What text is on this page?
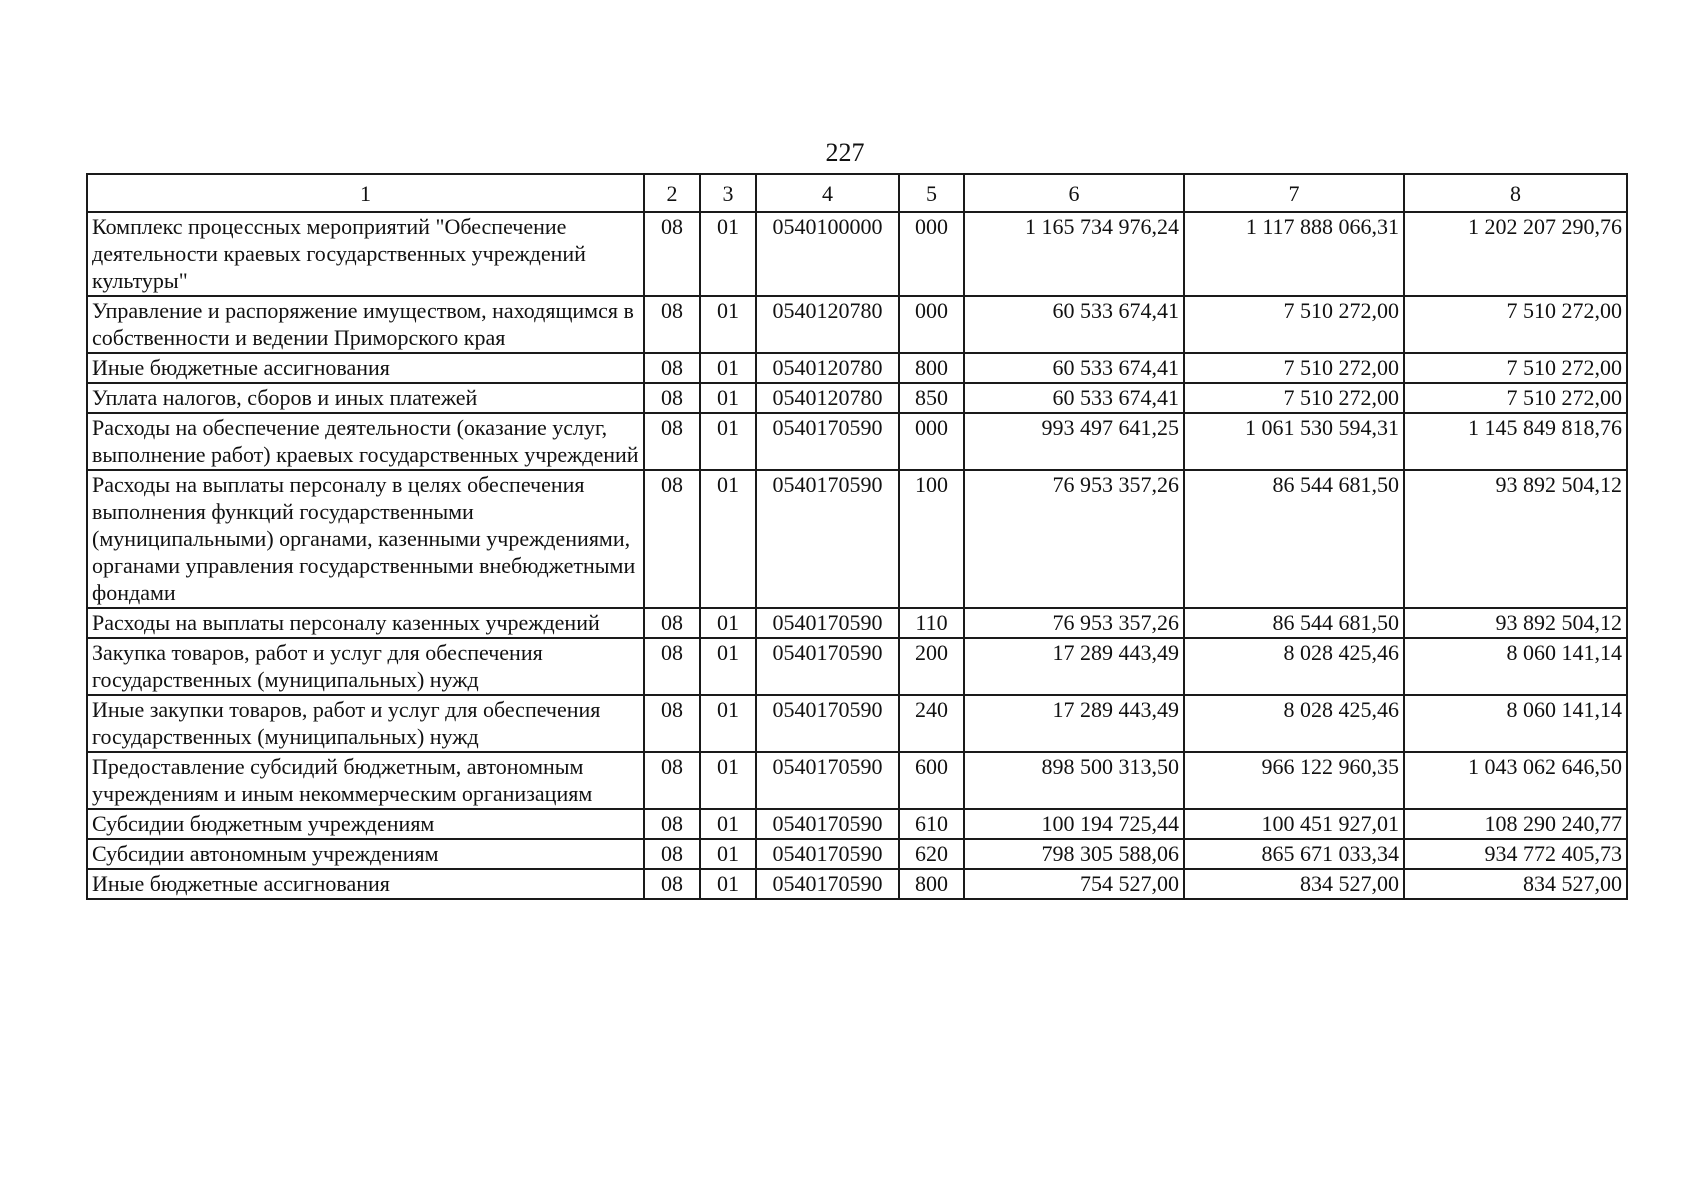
227
1	2	3	4	5	6	7	8
Комплекс процессных мероприятий "Обеспечение деятельности краевых государственных учреждений культуры"	08	01	0540100000	000	1 165 734 976,24	1 117 888 066,31	1 202 207 290,76
Управление и распоряжение имуществом, находящимся в собственности и ведении Приморского края	08	01	0540120780	000	60 533 674,41	7 510 272,00	7 510 272,00
Иные бюджетные ассигнования	08	01	0540120780	800	60 533 674,41	7 510 272,00	7 510 272,00
Уплата налогов, сборов и иных платежей	08	01	0540120780	850	60 533 674,41	7 510 272,00	7 510 272,00
Расходы на обеспечение деятельности (оказание услуг, выполнение работ) краевых государственных учреждений	08	01	0540170590	000	993 497 641,25	1 061 530 594,31	1 145 849 818,76
Расходы на выплаты персоналу в целях обеспечения выполнения функций государственными (муниципальными) органами, казенными учреждениями, органами управления государственными внебюджетными фондами	08	01	0540170590	100	76 953 357,26	86 544 681,50	93 892 504,12
Расходы на выплаты персоналу казенных учреждений	08	01	0540170590	110	76 953 357,26	86 544 681,50	93 892 504,12
Закупка товаров, работ и услуг для обеспечения государственных (муниципальных) нужд	08	01	0540170590	200	17 289 443,49	8 028 425,46	8 060 141,14
Иные закупки товаров, работ и услуг для обеспечения государственных (муниципальных) нужд	08	01	0540170590	240	17 289 443,49	8 028 425,46	8 060 141,14
Предоставление субсидий бюджетным, автономным учреждениям и иным некоммерческим организациям	08	01	0540170590	600	898 500 313,50	966 122 960,35	1 043 062 646,50
Субсидии бюджетным учреждениям	08	01	0540170590	610	100 194 725,44	100 451 927,01	108 290 240,77
Субсидии автономным учреждениям	08	01	0540170590	620	798 305 588,06	865 671 033,34	934 772 405,73
Иные бюджетные ассигнования	08	01	0540170590	800	754 527,00	834 527,00	834 527,00
